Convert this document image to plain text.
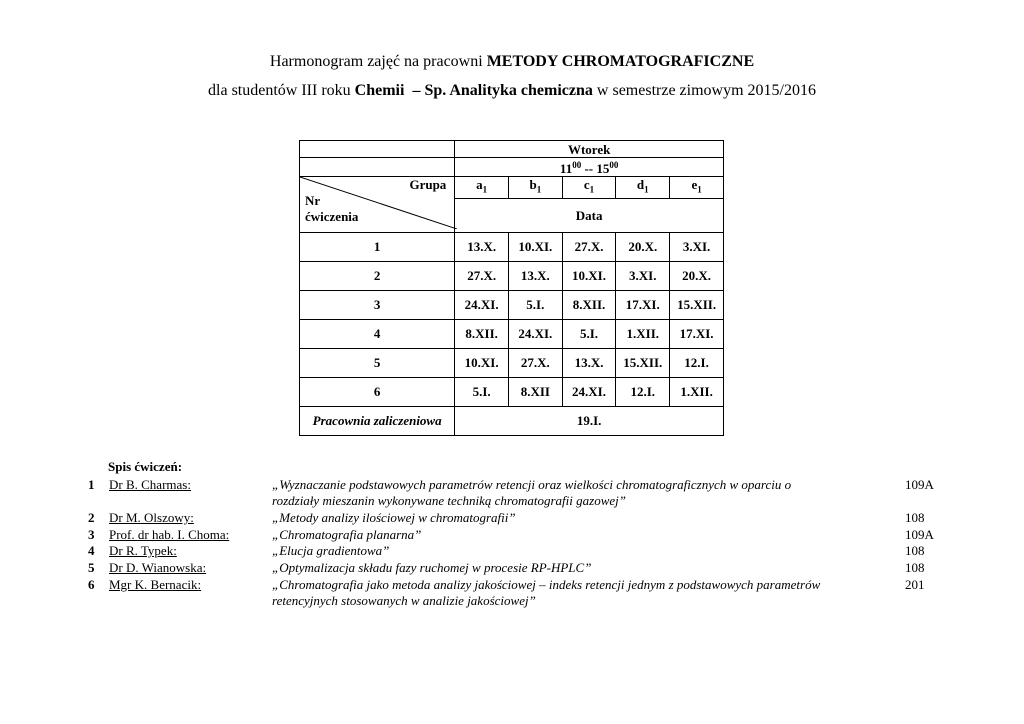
Harmonogram zajęć na pracowni METODY CHROMATOGRAFICZNE
dla studentów III roku Chemii – Sp. Analityka chemiczna w semestrze zimowym 2015/2016
	Wtorek				
	$11^{00} -- 15^{00}$

Grupa
Nr
ćwiczenia	$a_1$	$b_1$	$c_1$	$d_1$	$e_1$
	Data				
1	13.X.	10.XI.	27.X.	20.X.	3.XI.
2	27.X.	13.X.	10.XI.	3.XI.	20.X.
3	24.XI.	5.I.	8.XII.	17.XI.	15.XII.
4	8.XII.	24.XI.	5.I.	1.XII.	17.XI.
5	10.XI.	27.X.	13.X.	15.XII.	12.I.
6	5.I.	8.XII	24.XI.	12.I.	1.XII.
Pracownia zaliczeniowa	19.I.				
Spis ćwiczeń:
1 Dr B. Charmas:	„Wyznaczanie podstawowych parametrów retencji oraz wielkości chromatograficznych w oparciu o
rozdziały mieszanin wykonywane techniką chromatografii gazowej”
109A
2 Dr M. Olszowy:	„Metody analizy ilościowej w chromatografii”	108
3 Prof. dr hab. I. Choma:	„Chromatografia planarna”	109A
4 Dr R. Typek:	„Elucja gradientowa”	108
5 Dr D. Wianowska:	„Optymalizacja składu fazy ruchomej w procesie RP-HPLC”	108
6 Mgr K. Bernacik:	„Chromatografia jako metoda analizy jakościowej – indeks retencji jednym z podstawowych parametrów
retencyjnych stosowanych w analizie jakościowej”
201
